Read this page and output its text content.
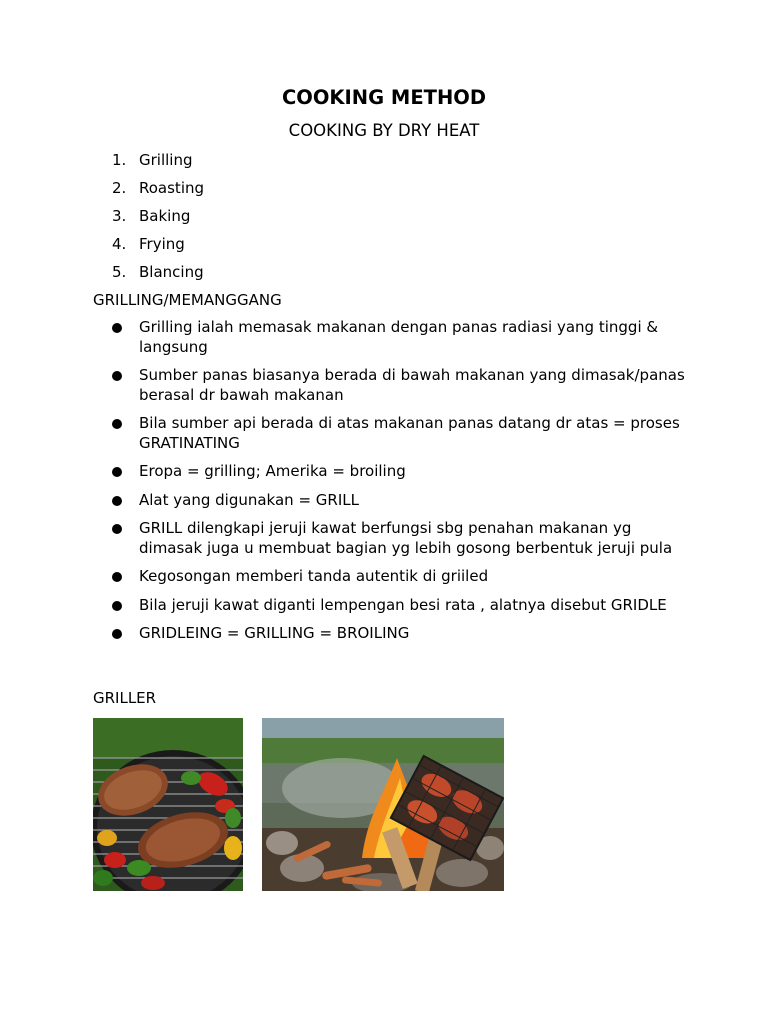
COOKING METHOD
COOKING BY DRY HEAT
1. Grilling
2. Roasting
3. Baking
4. Frying
5. Blancing
GRILLING/MEMANGGANG
Grilling ialah memasak makanan dengan panas radiasi yang tinggi & langsung
Sumber panas biasanya berada di bawah makanan yang dimasak/panas berasal dr bawah makanan
Bila sumber api berada di atas makanan panas datang dr atas = proses GRATINATING
Eropa = grilling; Amerika = broiling
Alat yang digunakan = GRILL
GRILL dilengkapi jeruji kawat berfungsi sbg penahan makanan yg dimasak juga u membuat bagian yg lebih gosong berbentuk jeruji pula
Kegosongan memberi tanda autentik di griiled
Bila jeruji kawat diganti lempengan besi rata , alatnya disebut GRIDLE
GRIDLEING = GRILLING = BROILING
GRILLER
